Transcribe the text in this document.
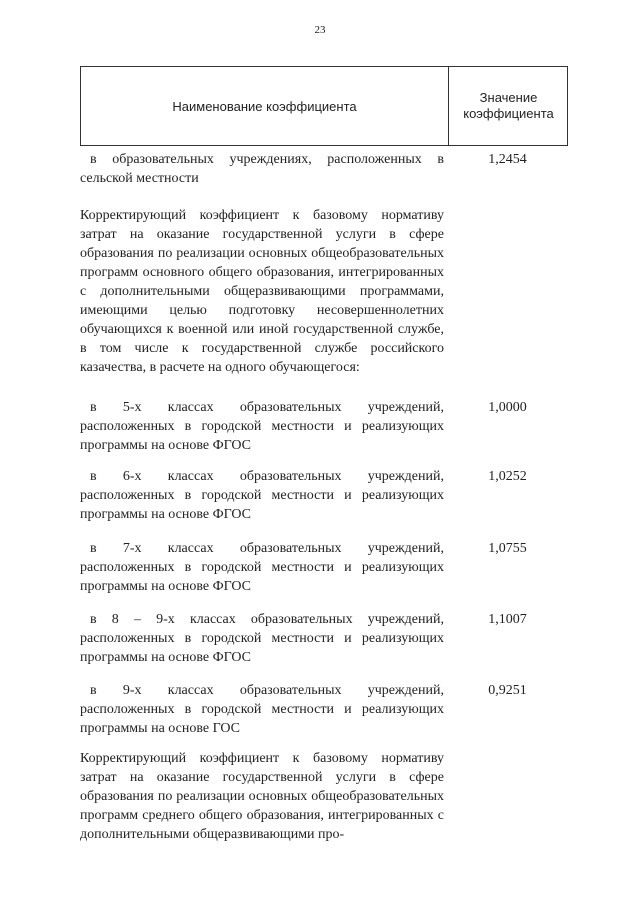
23
Наименование коэффициента
Значение
коэффициента
в образовательных учреждениях, расположенных в сельской местности
1,2454
Корректирующий коэффициент к базовому нормативу затрат на оказание государственной услуги в сфере образования по реализации основных общеобразовательных программ основного общего образования, интегрированных с дополнительными общеразвивающими программами, имеющими целью подготовку несовершеннолетних обучающихся к военной или иной государственной службе, в том числе к государственной службе российского казачества, в расчете на одного обучающегося:
в 5-х классах образовательных учреждений, расположенных в городской местности и реализующих программы на основе ФГОС
1,0000
в 6-х классах образовательных учреждений, расположенных в городской местности и реализующих программы на основе ФГОС
1,0252
в 7-х классах образовательных учреждений, расположенных в городской местности и реализующих программы на основе ФГОС
1,0755
в 8 – 9-х классах образовательных учреждений, расположенных в городской местности и реализующих программы на основе ФГОС
1,1007
в 9-х классах образовательных учреждений, расположенных в городской местности и реализующих программы на основе ГОС
0,9251
Корректирующий коэффициент к базовому нормативу затрат на оказание государственной услуги в сфере образования по реализации основных общеобразовательных программ среднего общего образования, интегрированных с дополнительными общеразвивающими про-
